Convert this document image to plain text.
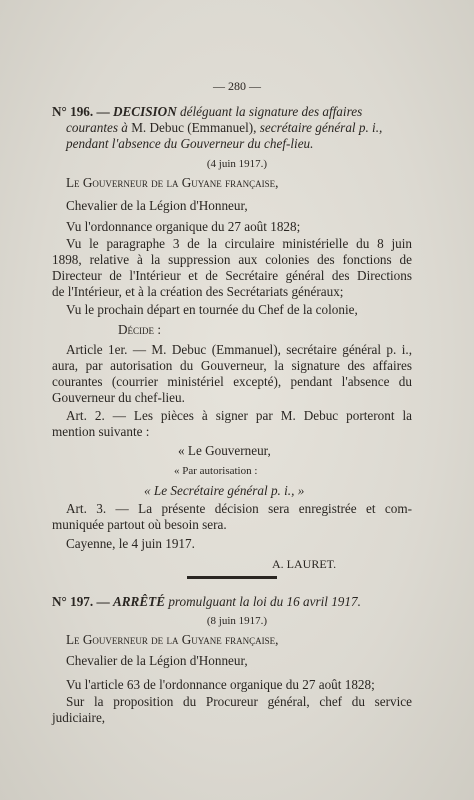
— 280 —
N° 196. — DECISION déléguant la signature des affaires
courantes à M. Debuc (Emmanuel), secrétaire général p. i.,
pendant l'absence du Gouverneur du chef-lieu.
(4 juin 1917.)
Le Gouverneur de la Guyane française,
Chevalier de la Légion d'Honneur,
Vu l'ordonnance organique du 27 août 1828;
Vu le paragraphe 3 de la circulaire ministérielle du 8 juin
1898, relative à la suppression aux colonies des fonctions de
Directeur de l'Intérieur et de Secrétaire général des Directions
de l'Intérieur, et à la création des Secrétariats généraux;
Vu le prochain départ en tournée du Chef de la colonie,
Décide :
Article 1er. — M. Debuc (Emmanuel), secrétaire général p. i.,
aura, par autorisation du Gouverneur, la signature des affaires
courantes (courrier ministériel excepté), pendant l'absence du
Gouverneur du chef-lieu.
Art. 2. — Les pièces à signer par M. Debuc porteront la
mention suivante :
« Le Gouverneur,
« Par autorisation :
« Le Secrétaire général p. i., »
Art. 3. — La présente décision sera enregistrée et com-
muniquée partout où besoin sera.
Cayenne, le 4 juin 1917.
A. LAURET.
N° 197. — ARRÊTÉ promulguant la loi du 16 avril 1917.
(8 juin 1917.)
Le Gouverneur de la Guyane française,
Chevalier de la Légion d'Honneur,
Vu l'article 63 de l'ordonnance organique du 27 août 1828;
Sur la proposition du Procureur général, chef du service
judiciaire,
